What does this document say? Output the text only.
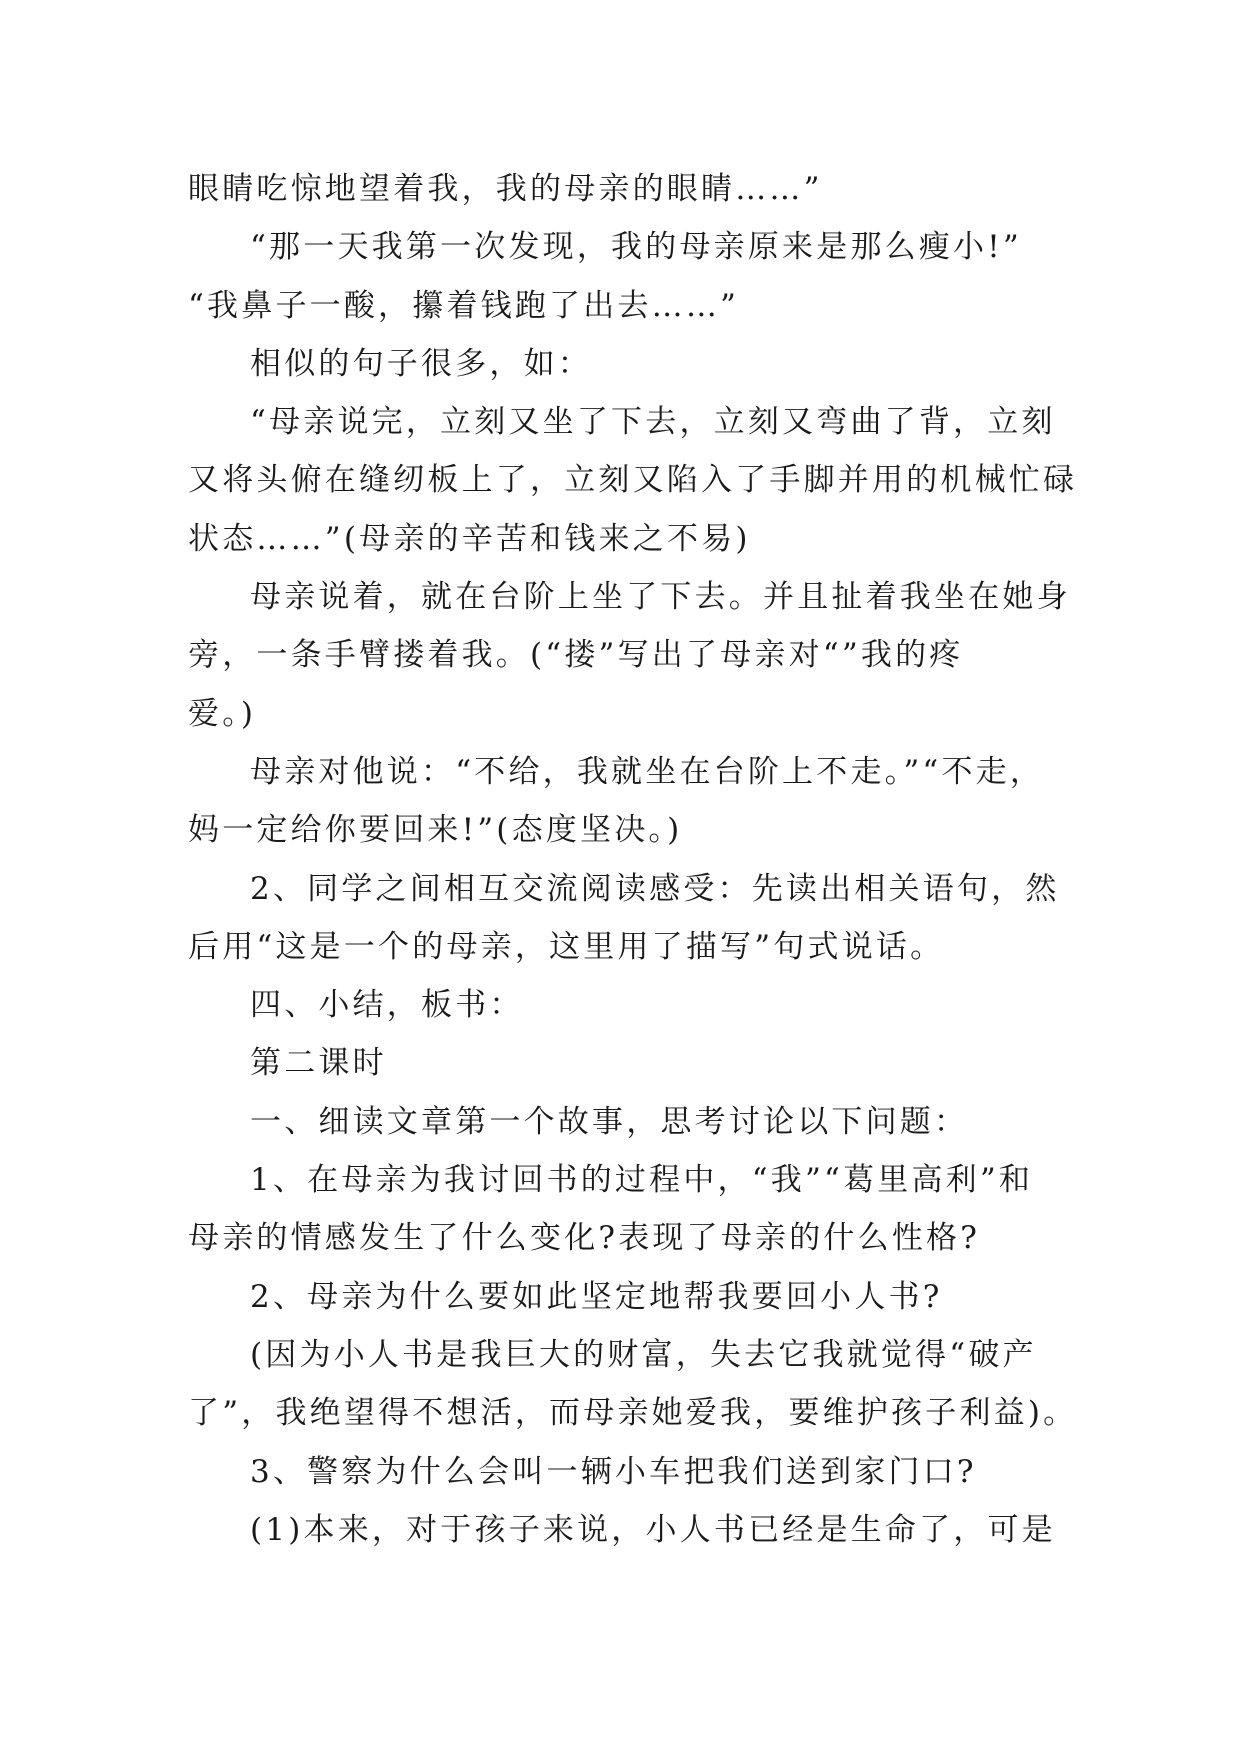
眼睛吃惊地望着我，我的母亲的眼睛……”
“那一天我第一次发现，我的母亲原来是那么瘦小!”
“我鼻子一酸，攥着钱跑了出去……”
相似的句子很多，如：
“母亲说完，立刻又坐了下去，立刻又弯曲了背，立刻
又将头俯在缝纫板上了，立刻又陷入了手脚并用的机械忙碌
状态……”(母亲的辛苦和钱来之不易)
母亲说着，就在台阶上坐了下去。并且扯着我坐在她身
旁，一条手臂搂着我。(“搂”写出了母亲对“”我的疼
爱。)
母亲对他说：“不给，我就坐在台阶上不走。”“不走，
妈一定给你要回来!”(态度坚决。)
2、同学之间相互交流阅读感受：先读出相关语句，然
后用“这是一个的母亲，这里用了描写”句式说话。
四、小结，板书：
第二课时
一、细读文章第一个故事，思考讨论以下问题：
1、在母亲为我讨回书的过程中，“我”“葛里高利”和
母亲的情感发生了什么变化?表现了母亲的什么性格?
2、母亲为什么要如此坚定地帮我要回小人书?
(因为小人书是我巨大的财富，失去它我就觉得“破产
了”，我绝望得不想活，而母亲她爱我，要维护孩子利益)。
3、警察为什么会叫一辆小车把我们送到家门口?
(1)本来，对于孩子来说，小人书已经是生命了，可是
